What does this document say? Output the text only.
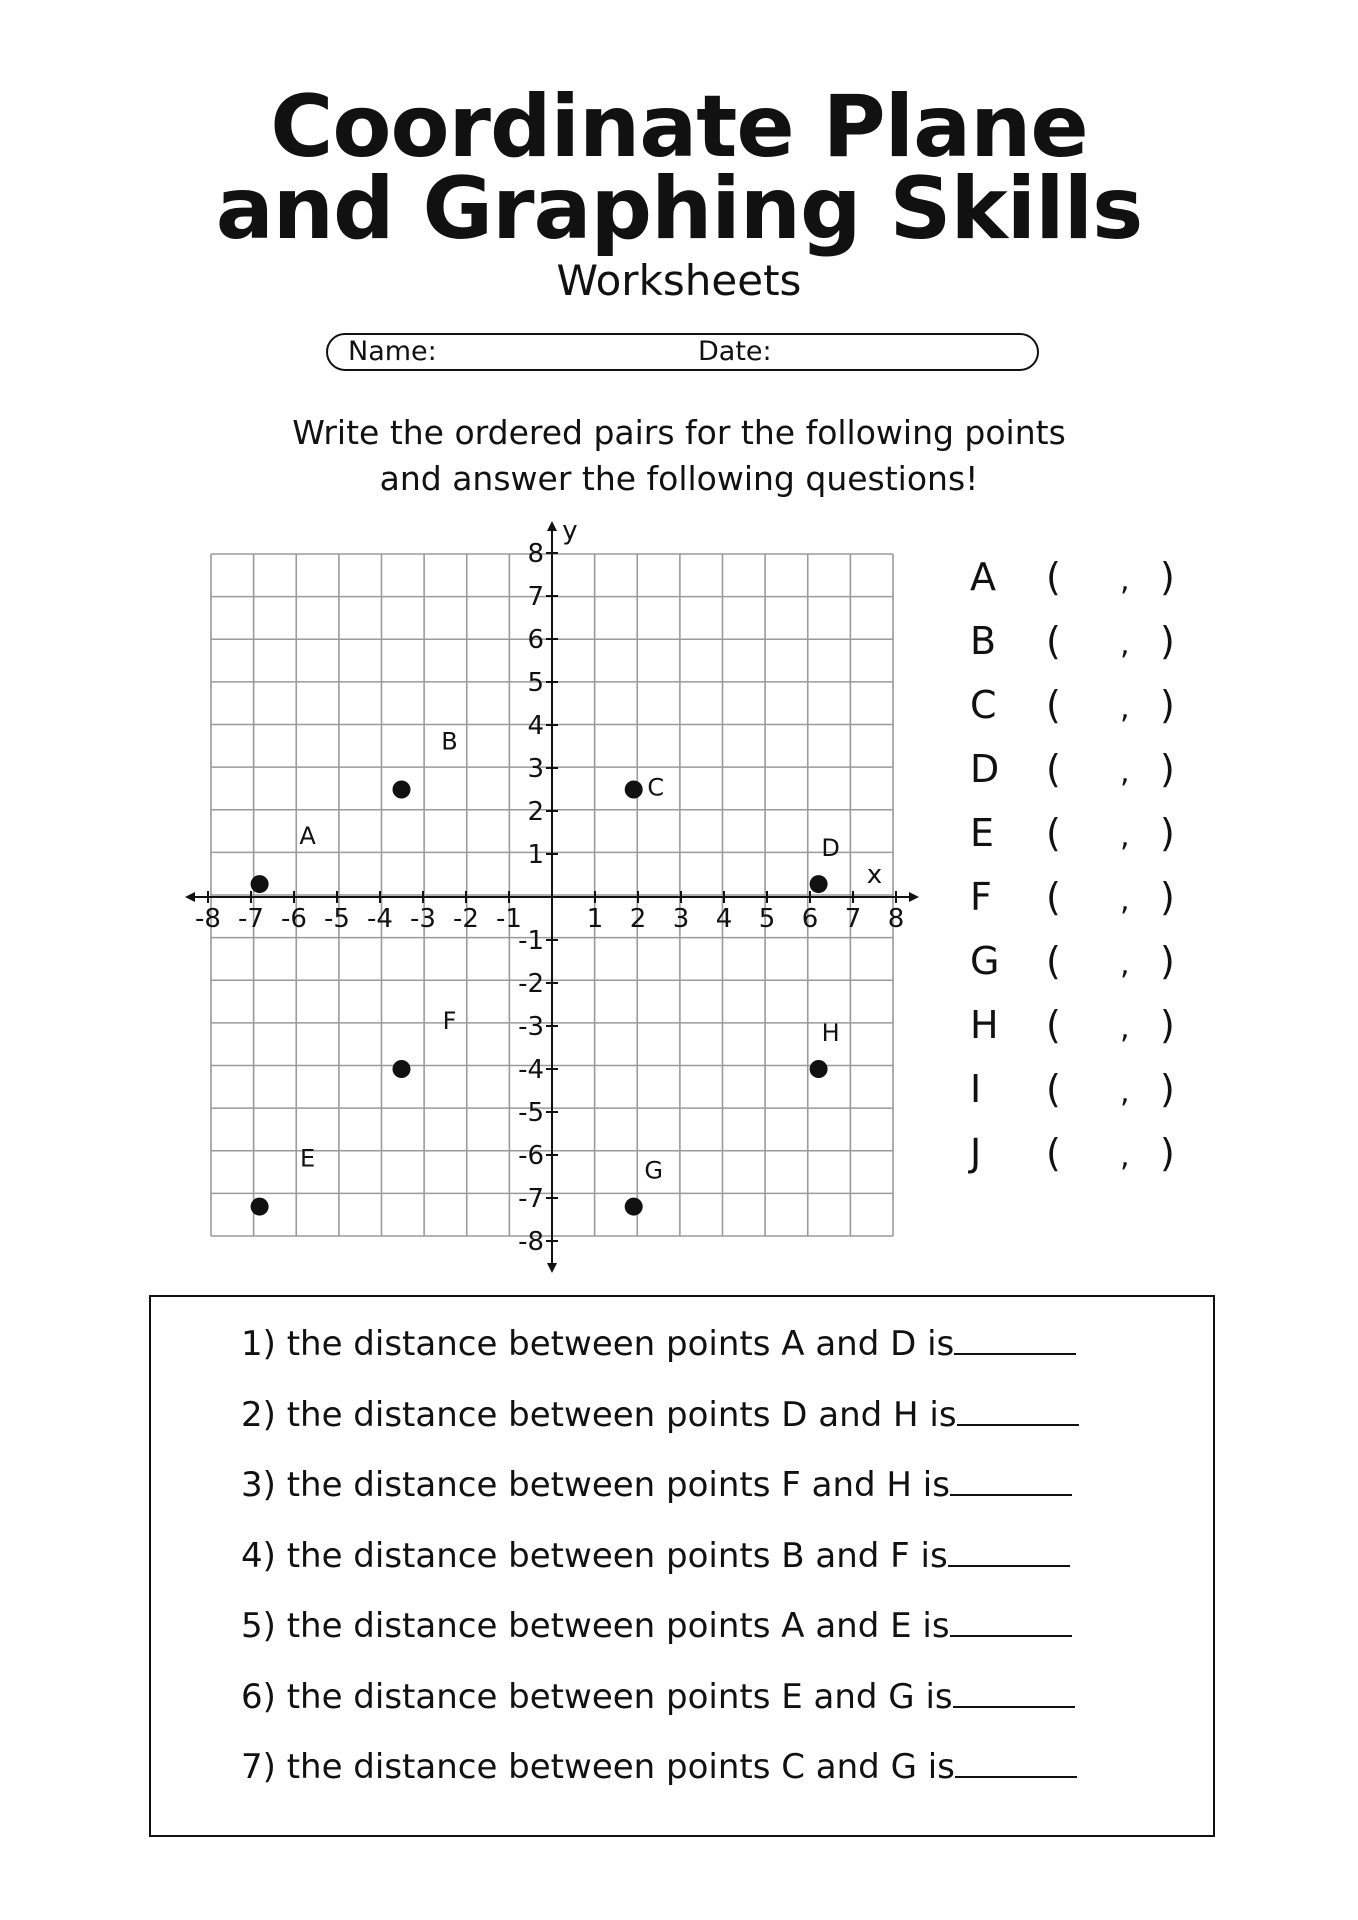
Coordinate Plane
and Graphing Skills
Worksheets
Name:	Date:
Write the ordered pairs for the following points
and answer the following questions!
-8 -7 -6 -5 -4 -3 -2 -1 1 2 3 4 5 6 7 8
8
7
6
5
4
3
2
1
-1
-2
-3
-4
-5
-6
-7
-8
x
y
A
B
C
D
E
F
G
H
A ( , )
B ( , )
C ( , )
D ( , )
E ( , )
F ( , )
G ( , )
H ( , )
I ( , )
J ( , )
1) the distance between points A and D is
2) the distance between points D and H is
3) the distance between points F and H is
4) the distance between points B and F is
5) the distance between points A and E is
6) the distance between points E and G is
7) the distance between points C and G is
